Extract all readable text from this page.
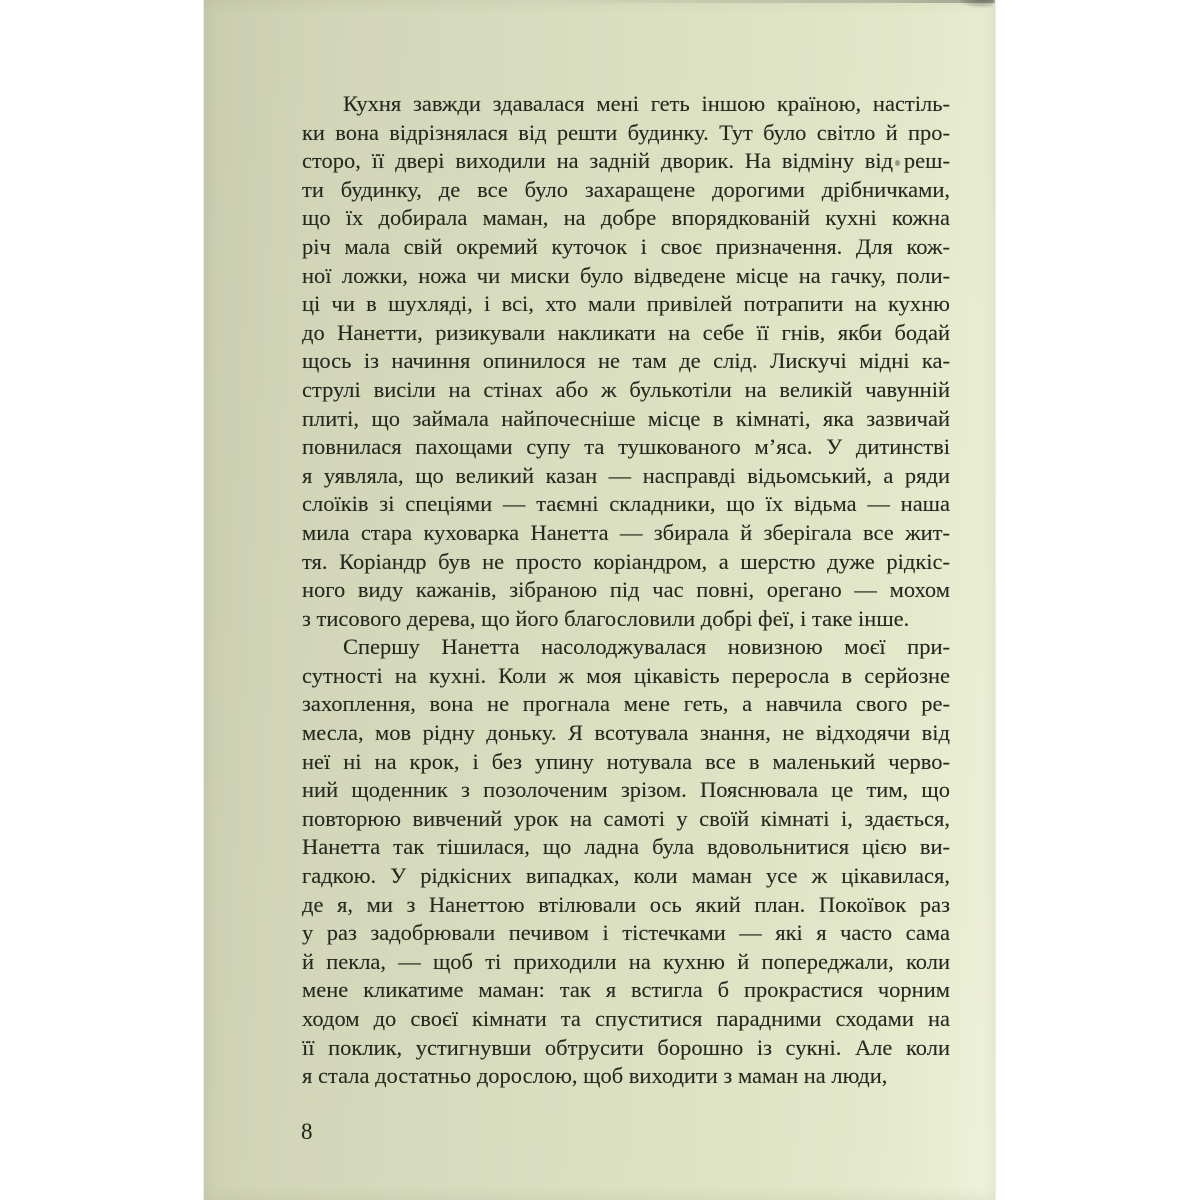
Кухня завжди здавалася мені геть іншою країною, настіль-
ки вона відрізнялася від решти будинку. Тут було світло й про-
сторо, її двері виходили на задній дворик. На відміну від реш-
ти будинку, де все було захаращене дорогими дрібничками,
що їх добирала маман, на добре впорядкованій кухні кожна
річ мала свій окремий куточок і своє призначення. Для кож-
ної ложки, ножа чи миски було відведене місце на гачку, поли-
ці чи в шухляді, і всі, хто мали привілей потрапити на кухню
до Нанетти, ризикували накликати на себе її гнів, якби бодай
щось із начиння опинилося не там де слід. Лискучі мідні ка-
струлі висіли на стінах або ж булькотіли на великій чавунній
плиті, що займала найпочесніше місце в кімнаті, яка зазвичай
повнилася пахощами супу та тушкованого м’яса. У дитинстві
я уявляла, що великий казан — насправді відьомський, а ряди
слоїків зі спеціями — таємні складники, що їх відьма — наша
мила стара куховарка Нанетта — збирала й зберігала все жит-
тя. Коріандр був не просто коріандром, а шерстю дуже рідкіс-
ного виду кажанів, зібраною під час повні, орегано — мохом
з тисового дерева, що його благословили добрі феї, і таке інше.
Спершу Нанетта насолоджувалася новизною моєї при-
сутності на кухні. Коли ж моя цікавість переросла в серйозне
захоплення, вона не прогнала мене геть, а навчила свого ре-
месла, мов рідну доньку. Я всотувала знання, не відходячи від
неї ні на крок, і без упину нотувала все в маленький черво-
ний щоденник з позолоченим зрізом. Пояснювала це тим, що
повторюю вивчений урок на самоті у своїй кімнаті і, здається,
Нанетта так тішилася, що ладна була вдовольнитися цією ви-
гадкою. У рідкісних випадках, коли маман усе ж цікавилася,
де я, ми з Нанеттою втілювали ось який план. Покоївок раз
у раз задобрювали печивом і тістечками — які я часто сама
й пекла, — щоб ті приходили на кухню й попереджали, коли
мене кликатиме маман: так я встигла б прокрастися чорним
ходом до своєї кімнати та спуститися парадними сходами на
її поклик, устигнувши обтрусити борошно із сукні. Але коли
я стала достатньо дорослою, щоб виходити з маман на люди,
8
